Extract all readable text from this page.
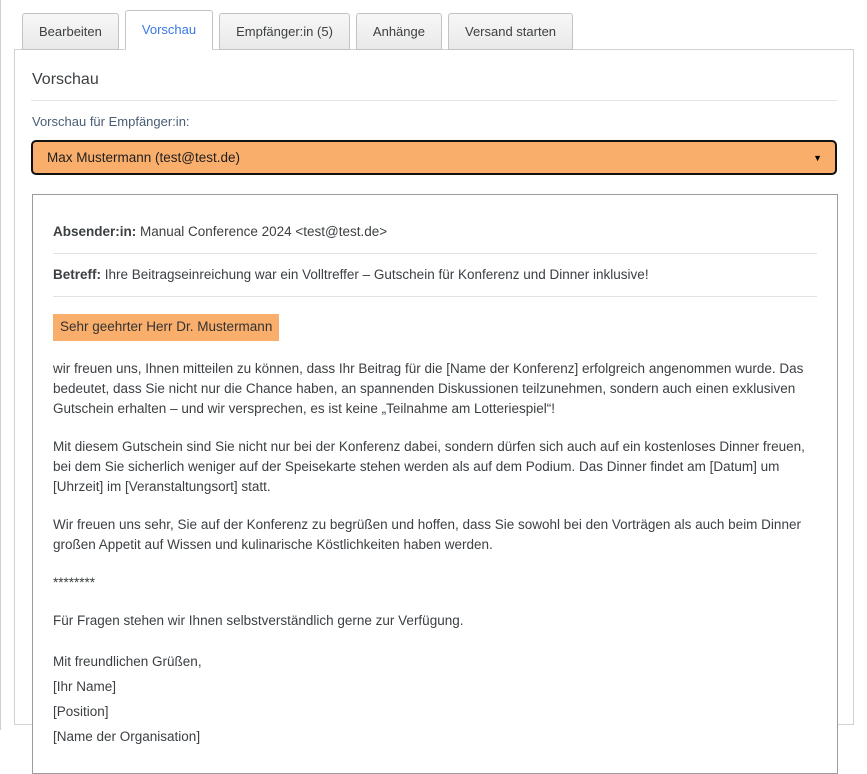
Bearbeiten	Vorschau	Empfänger:in (5)	Anhänge	Versand starten
Vorschau
Vorschau für Empfänger:in:
Max Mustermann (test@test.de)	▼
Absender:in: Manual Conference 2024 <test@test.de>
Betreff: Ihre Beitragseinreichung war ein Volltreffer – Gutschein für Konferenz und Dinner inklusive!
Sehr geehrter Herr Dr. Mustermann

wir freuen uns, Ihnen mitteilen zu können, dass Ihr Beitrag für die [Name der Konferenz] erfolgreich angenommen wurde. Das bedeutet, dass Sie nicht nur die Chance haben, an spannenden Diskussionen teilzunehmen, sondern auch einen exklusiven Gutschein erhalten – und wir versprechen, es ist keine „Teilnahme am Lotteriespiel“!

Mit diesem Gutschein sind Sie nicht nur bei der Konferenz dabei, sondern dürfen sich auch auf ein kostenloses Dinner freuen, bei dem Sie sicherlich weniger auf der Speisekarte stehen werden als auf dem Podium. Das Dinner findet am [Datum] um [Uhrzeit] im [Veranstaltungsort] statt.

Wir freuen uns sehr, Sie auf der Konferenz zu begrüßen und hoffen, dass Sie sowohl bei den Vorträgen als auch beim Dinner großen Appetit auf Wissen und kulinarische Köstlichkeiten haben werden.

********

Für Fragen stehen wir Ihnen selbstverständlich gerne zur Verfügung.

Mit freundlichen Grüßen,
[Ihr Name]
[Position]
[Name der Organisation]
